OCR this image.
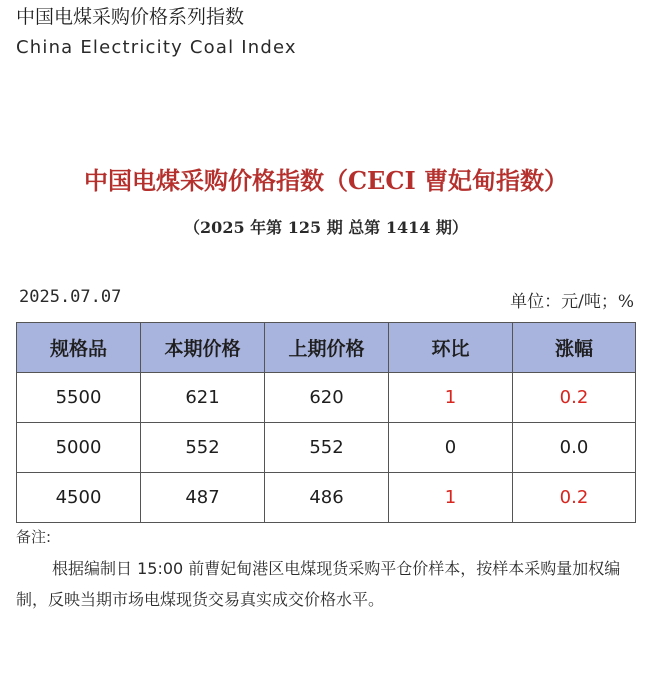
中国电煤采购价格系列指数
China Electricity Coal Index
中国电煤采购价格指数（CECI 曹妃甸指数）
（2025 年第 125 期 总第 1414 期）
2025.07.07	单位：元/吨；%
规格品	本期价格	上期价格	环比	涨幅
5500	621	620	1	0.2
5000	552	552	0	0.0
4500	487	486	1	0.2
备注:
根据编制日 15:00 前曹妃甸港区电煤现货采购平仓价样本，按样本采购量加权编制，反映当期市场电煤现货交易真实成交价格水平。
